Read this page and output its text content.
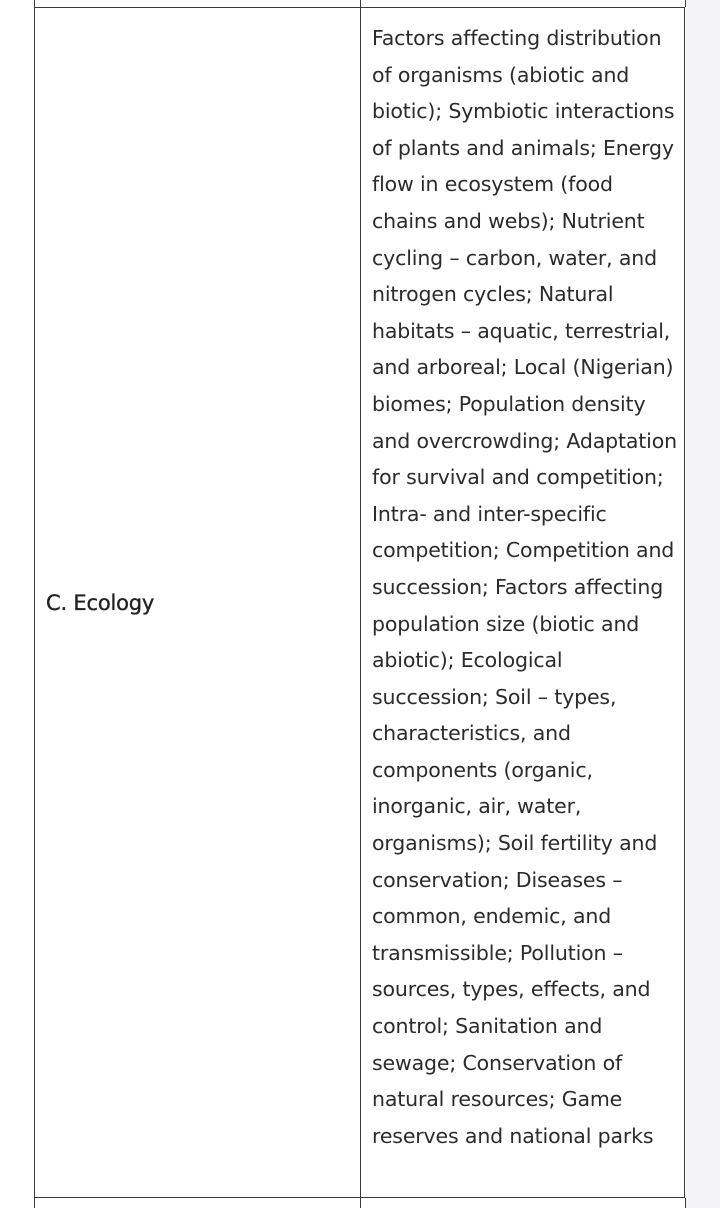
C. Ecology

Factors affecting distribution of organisms (abiotic and biotic); Symbiotic interactions of plants and animals; Energy flow in ecosystem (food chains and webs); Nutrient cycling – carbon, water, and nitrogen cycles; Natural habitats – aquatic, terrestrial, and arboreal; Local (Nigerian) biomes; Population density and overcrowding; Adaptation for survival and competition; Intra- and inter-specific competition; Competition and succession; Factors affecting population size (biotic and abiotic); Ecological succession; Soil – types, characteristics, and components (organic, inorganic, air, water, organisms); Soil fertility and conservation; Diseases – common, endemic, and transmissible; Pollution – sources, types, effects, and control; Sanitation and sewage; Conservation of natural resources; Game reserves and national parks
